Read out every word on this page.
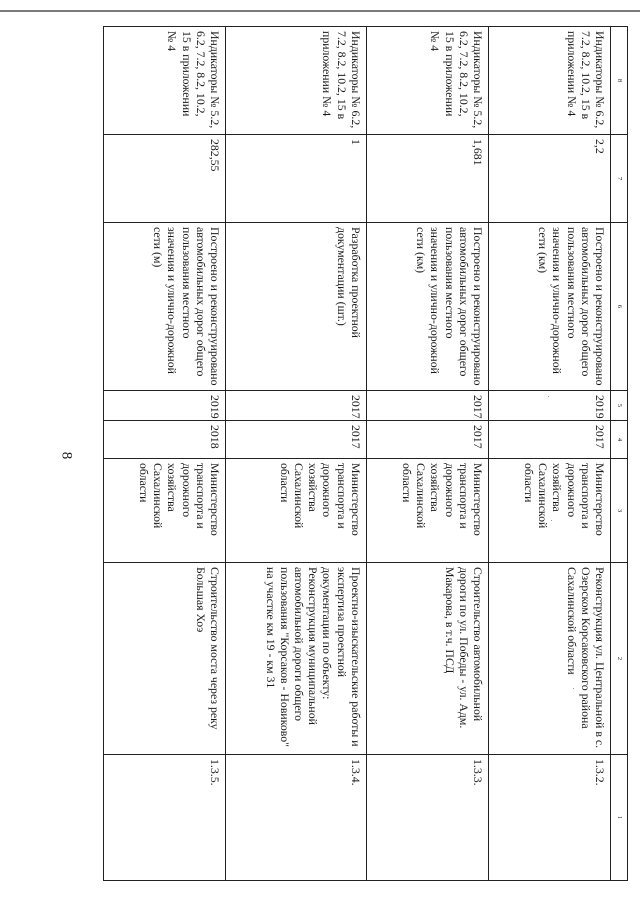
8
8	7	6	5	4	3	2	1
Индикаторы № 6.2, 7.2, 8.2, 10.2, 15 в приложении № 4	2,2	Построено и реконструировано автомобильных дорог общего пользования местного значения и улично-дорожной сети (км)	2019	2017	Министерство транспорта и дорожного хозяйства Сахалинской области	Реконструкция ул. Центральной в с. Озерском Корсаковского района Сахалинской области	1.3.2.
Индикаторы № 5.2, 6.2, 7.2, 8.2, 10.2, 15 в приложении № 4	1,681	Построено и реконструировано автомобильных дорог общего пользования местного значения и улично-дорожной сети (км)	2017	2017	Министерство транспорта и дорожного хозяйства Сахалинской области	Строительство автомобильной дороги по ул. Победы - ул. Адм. Макарова, в т.ч. ПСД	1.3.3.
Индикаторы № 6.2, 7.2, 8.2, 10.2, 15 в приложении № 4	1	Разработка проектной документации (шт.)	2017	2017	Министерство транспорта и дорожного хозяйства Сахалинской области	Проектно-изыскательские работы и экспертиза проектной документации по объекту: Реконструкция муниципальной автомобильной дороги общего пользования "Корсаков - Новиково" на участке км 19 - км 31	1.3.4.
Индикаторы № 5.2, 6.2, 7.2, 8.2, 10.2, 15 в приложении № 4	282,55	Построено и реконструировано автомобильных дорог общего пользования местного значения и улично-дорожной сети (м)	2019	2018	Министерство транспорта и дорожного хозяйства Сахалинской области	Строительство моста через реку Большая Хоэ	1.3.5.
